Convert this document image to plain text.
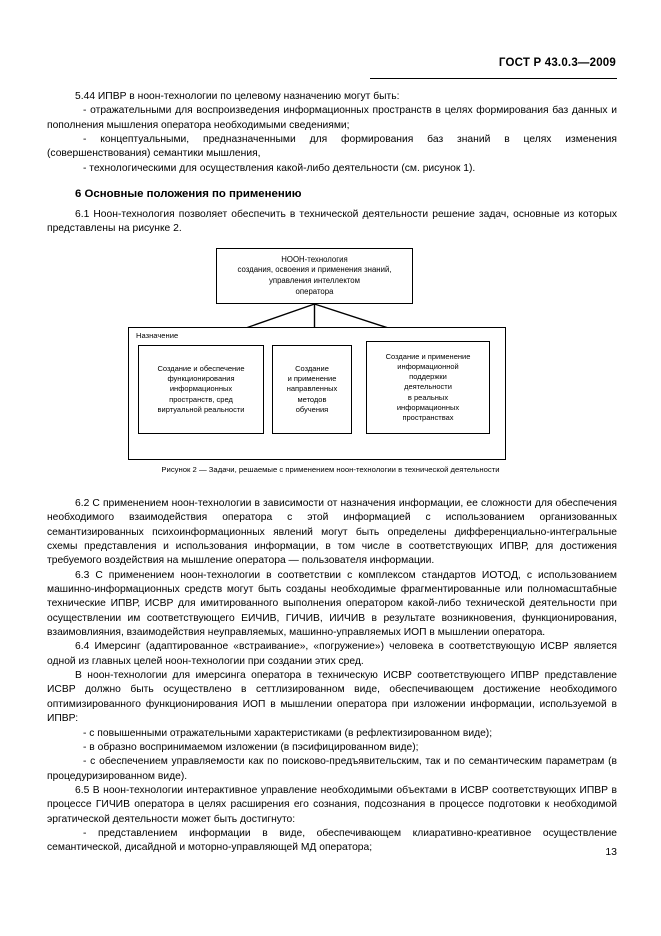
ГОСТ Р 43.0.3—2009

5.44 ИПВР в ноон-технологии по целевому назначению могут быть:

- отражательными для воспроизведения информационных пространств в целях формирования баз данных и пополнения мышления оператора необходимыми сведениями;

- концептуальными, предназначенными для формирования баз знаний в целях изменения (совершенствования) семантики мышления,

- технологическими для осуществления какой-либо деятельности (см. рисунок 1).

6 Основные положения по применению

6.1 Ноон-технология позволяет обеспечить в технической деятельности решение задач, основные из которых представлены на рисунке 2.

НООН-технология
создания, освоения и применения знаний,
управления интеллектом
оператора
Назначение
Создание и обеспечение
функционирования
информационных
пространств, сред
виртуальной реальности
Создание
и применение
направленных
методов
обучения
Создание и применение
информационной
поддержки
деятельности
в реальных
информационных
пространствах
Рисунок 2 — Задачи, решаемые с применением ноон-технологии в технической деятельности

6.2 С применением ноон-технологии в зависимости от назначения информации, ее сложности для обеспечения необходимого взаимодействия оператора с этой информацией с использованием организованных семантизированных психоинформационных явлений могут быть определены дифференциально-интегральные схемы представления и использования информации, в том числе в соответствующих ИПВР, для достижения требуемого воздействия на мышление оператора — пользователя информации.

6.3 С применением ноон-технологии в соответствии с комплексом стандартов ИОТОД, с использованием машинно-информационных средств могут быть созданы необходимые фрагментированные или полномасштабные технические ИПВР, ИСВР для имитированного выполнения оператором какой-либо технической деятельности при осуществлении им соответствующего ЕИЧИВ, ГИЧИВ, ИИЧИВ в результате возникновения, функционирования, взаимовлияния, взаимодействия неуправляемых, машинно-управляемых ИОП в мышлении оператора.

6.4 Имерсинг (адаптированное «встраивание», «погружение») человека в соответствующую ИСВР является одной из главных целей ноон-технологии при создании этих сред.

В ноон-технологии для имерсинга оператора в техническую ИСВР соответствующего ИПВР представление ИСВР должно быть осуществлено в сеттлизированном виде, обеспечивающем достижение необходимого оптимизированного функционирования ИОП в мышлении оператора при изложении информации, используемой в ИПВР:

- с повышенными отражательными характеристиками (в рефлектизированном виде);

- в образно воспринимаемом изложении (в пэсифицированном виде);

- с обеспечением управляемости как по поисково-предъявительским, так и по семантическим параметрам (в процедуризированном виде).

6.5 В ноон-технологии интерактивное управление необходимыми объектами в ИСВР соответствующих ИПВР в процессе ГИЧИВ оператора в целях расширения его сознания, подсознания в процессе подготовки к необходимой эргатической деятельности может быть достигнуто:

- представлением информации в виде, обеспечивающем клиаративно-креативное осуществление семантической, дисайдной и моторно-управляющей МД оператора;	13
